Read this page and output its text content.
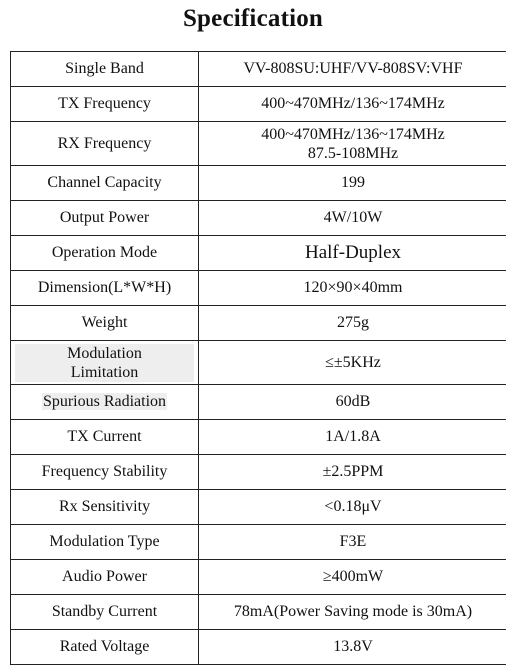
Specification
Single Band	VV-808SU:UHF/VV-808SV:VHF
TX Frequency	400~470MHz/136~174MHz
RX Frequency	400~470MHz/136~174MHz
87.5-108MHz

Channel Capacity	199
Output Power	4W/10W
Operation Mode	Half-Duplex
Dimension(L*W*H)	120×90×40mm
Weight	275g

Modulation
Limitation	≤±5KHz
Spurious Radiation	60dB
TX Current	1A/1.8A
Frequency Stability	±2.5PPM
Rx Sensitivity	<0.18μV
Modulation Type	F3E
Audio Power	≥400mW
Standby Current	78mA(Power Saving mode is 30mA)
Rated Voltage	13.8V
